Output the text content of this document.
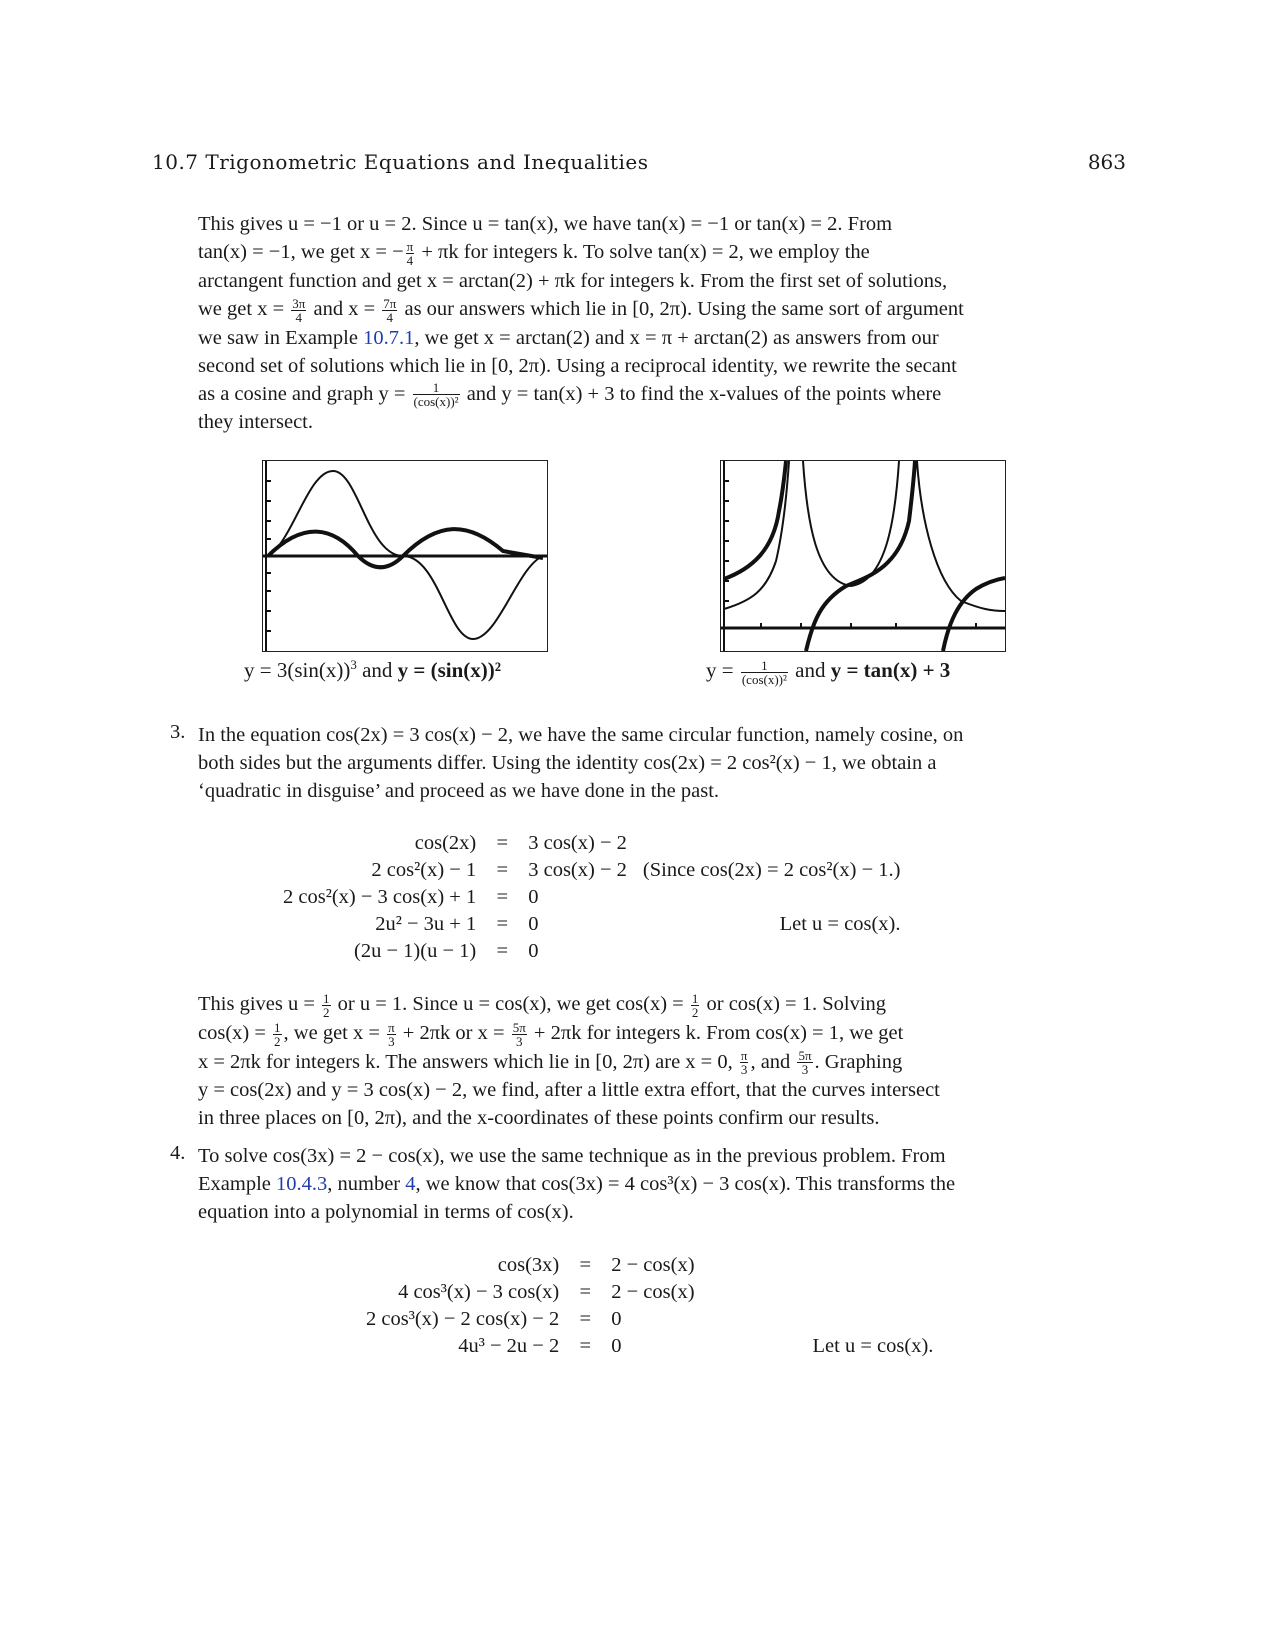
10.7 Trigonometric Equations and Inequalities	863
This gives u = −1 or u = 2. Since u = tan(x), we have tan(x) = −1 or tan(x) = 2. From
tan(x) = −1, we get x = − $\frac{\pi}{4} + \pi k$ for integers k. To solve tan(x) = 2, we employ the
arctangent function and get x = arctan(2) + πk for integers k. From the first set of solutions,
we get $x = \frac{3\pi}{4}$ and $x = \frac{7\pi}{4}$ as our answers which lie in [0, 2π). Using the same sort of argument
we saw in Example 10.7.1, we get x = arctan(2) and x = π + arctan(2) as answers from our
second set of solutions which lie in [0, 2π). Using a reciprocal identity, we rewrite the secant
as a cosine and graph $y = \frac{1}{\text{(cos(x))²}}$ and y = tan(x) + 3 to find the x-values of the points where
they intersect.
$y = 3(\sin(x))^3$ and y = (sin(x))²	$y = \frac{1}{\text{(cos(x))²}}$ and y = tan(x) + 3
3. In the equation cos(2x) = 3 cos(x) − 2, we have the same circular function, namely cosine, on
both sides but the arguments differ. Using the identity cos(2x) = 2 cos²(x) − 1, we obtain a
‘quadratic in disguise’ and proceed as we have done in the past.
cos(2x)	=	3 cos(x) − 2	
2 cos²(x) − 1	=	3 cos(x) − 2	(Since cos(2x) = 2 cos²(x) − 1.)
2 cos²(x) − 3 cos(x) + 1	=	0	
2u² − 3u + 1	=	0	Let u = cos(x).
(2u − 1)(u − 1)	=	0	
This gives $u = \frac{1}{2}$ or u = 1. Since u = cos(x), we get $\cos(x) = \frac{1}{2}$ or cos(x) = 1. Solving
$\cos(x) = \frac{1}{2}$ , we get $x = \frac{\pi}{3} + 2\pi k$ or $x = \frac{5\pi}{3} + 2\pi k$ for integers k. From cos(x) = 1, we get
x = 2πk for integers k. The answers which lie in [0, 2π) are x = 0, $\frac{\pi}{3}$ , and $\frac{5\pi}{3}$ . Graphing
y = cos(2x) and y = 3 cos(x) − 2, we find, after a little extra effort, that the curves intersect
in three places on [0, 2π), and the x-coordinates of these points confirm our results.
4. To solve cos(3x) = 2 − cos(x), we use the same technique as in the previous problem. From
Example 10.4.3, number 4, we know that cos(3x) = 4 cos³(x) − 3 cos(x). This transforms the
equation into a polynomial in terms of cos(x).
cos(3x)	=	2 − cos(x)	
4 cos³(x) − 3 cos(x)	=	2 − cos(x)	
2 cos³(x) − 2 cos(x) − 2	=	0	
4u³ − 2u − 2	=	0	Let u = cos(x).
